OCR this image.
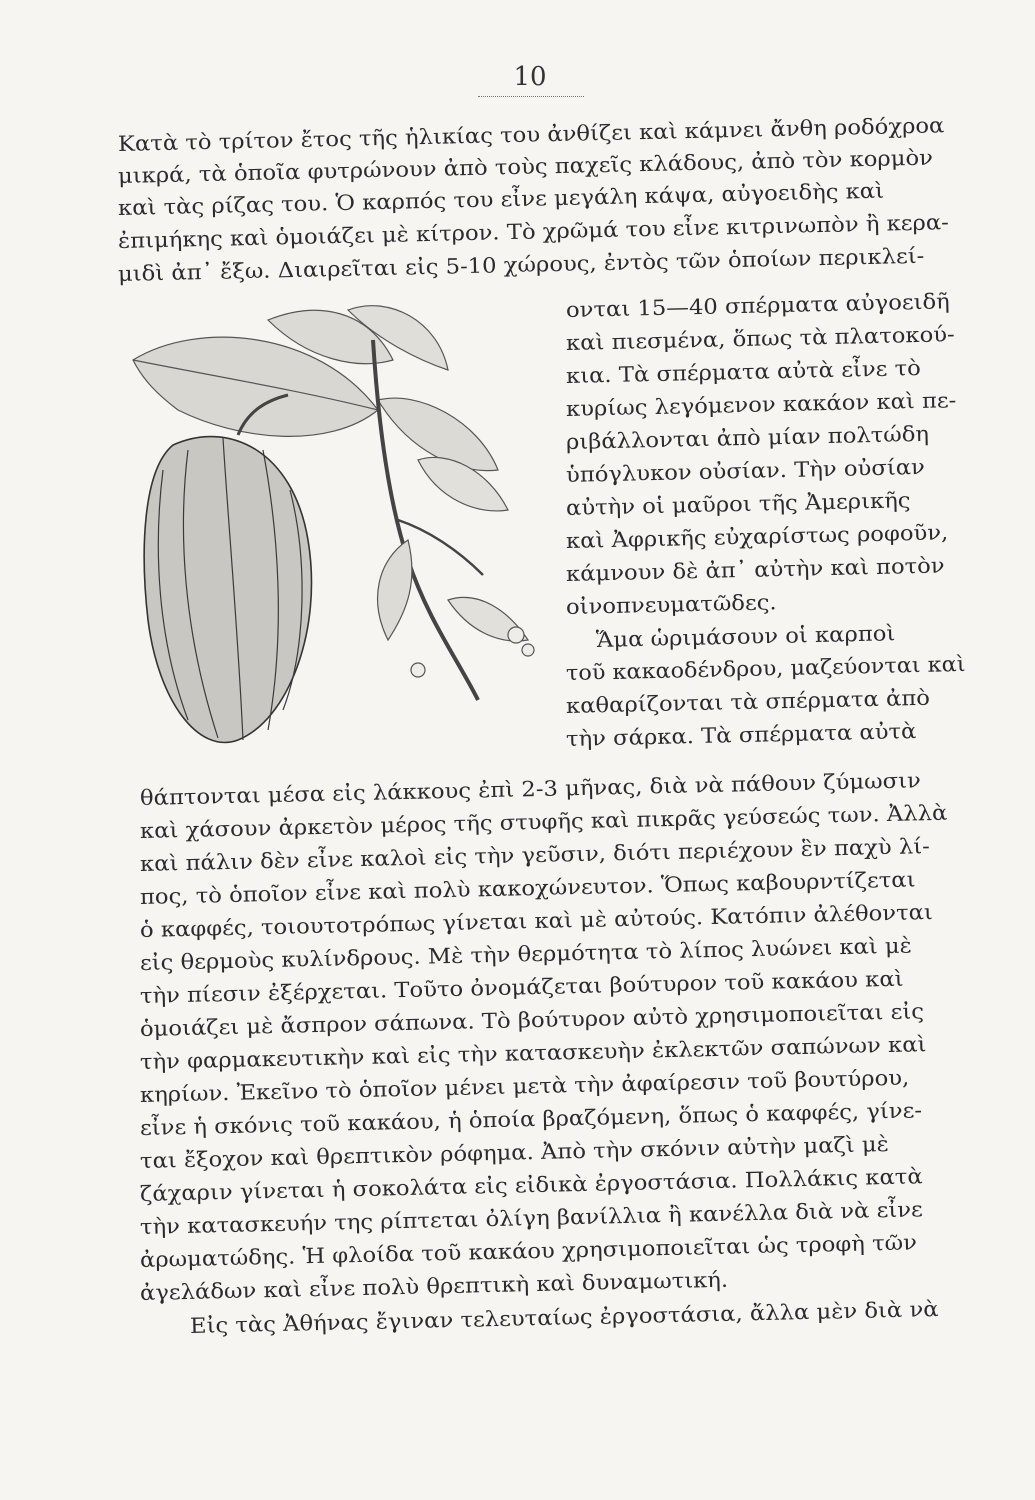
10
Κατὰ τὸ τρίτον ἔτος τῆς ἡλικίας του ἀνθίζει καὶ κάμνει ἄνθη ροδόχροα
μικρά, τὰ ὁποῖα φυτρώνουν ἀπὸ τοὺς παχεῖς κλάδους, ἀπὸ τὸν κορμὸν
καὶ τὰς ρίζας του. Ὁ καρπός του εἶνε μεγάλη κάψα, αὐγοειδὴς καὶ
ἐπιμήκης καὶ ὁμοιάζει μὲ κίτρον. Τὸ χρῶμά του εἶνε κιτρινωπὸν ἢ κερα-
μιδὶ ἀπ᾽ ἔξω. Διαιρεῖται εἰς 5-10 χώρους, ἐντὸς τῶν ὁποίων περικλεί-
ονται 15—40 σπέρματα αὐγοειδῆ
καὶ πιεσμένα, ὅπως τὰ πλατοκού-
κια. Τὰ σπέρματα αὐτὰ εἶνε τὸ
κυρίως λεγόμενον κακάον καὶ πε-
ριβάλλονται ἀπὸ μίαν πολτώδη
ὑπόγλυκον οὐσίαν. Τὴν οὐσίαν
αὐτὴν οἱ μαῦροι τῆς Ἀμερικῆς
καὶ Ἀφρικῆς εὐχαρίστως ροφοῦν,
κάμνουν δὲ ἀπ᾽ αὐτὴν καὶ ποτὸν
οἰνοπνευματῶδες.
Ἅμα ὡριμάσουν οἱ καρποὶ
τοῦ κακαοδένδρου, μαζεύονται καὶ
καθαρίζονται τὰ σπέρματα ἀπὸ
τὴν σάρκα. Τὰ σπέρματα αὐτὰ
θάπτονται μέσα εἰς λάκκους ἐπὶ 2-3 μῆνας, διὰ νὰ πάθουν ζύμωσιν
καὶ χάσουν ἀρκετὸν μέρος τῆς στυφῆς καὶ πικρᾶς γεύσεώς των. Ἀλλὰ
καὶ πάλιν δὲν εἶνε καλοὶ εἰς τὴν γεῦσιν, διότι περιέχουν ἓν παχὺ λί-
πος, τὸ ὁποῖον εἶνε καὶ πολὺ κακοχώνευτον. Ὅπως καβουρντίζεται
ὁ καφφές, τοιουτοτρόπως γίνεται καὶ μὲ αὐτούς. Κατόπιν ἀλέθονται
εἰς θερμοὺς κυλίνδρους. Μὲ τὴν θερμότητα τὸ λίπος λυώνει καὶ μὲ
τὴν πίεσιν ἐξέρχεται. Τοῦτο ὀνομάζεται βούτυρον τοῦ κακάου καὶ
ὁμοιάζει μὲ ἄσπρον σάπωνα. Τὸ βούτυρον αὐτὸ χρησιμοποιεῖται εἰς
τὴν φαρμακευτικὴν καὶ εἰς τὴν κατασκευὴν ἐκλεκτῶν σαπώνων καὶ
κηρίων. Ἐκεῖνο τὸ ὁποῖον μένει μετὰ τὴν ἀφαίρεσιν τοῦ βουτύρου,
εἶνε ἡ σκόνις τοῦ κακάου, ἡ ὁποία βραζόμενη, ὅπως ὁ καφφές, γίνε-
ται ἔξοχον καὶ θρεπτικὸν ρόφημα. Ἀπὸ τὴν σκόνιν αὐτὴν μαζὶ μὲ
ζάχαριν γίνεται ἡ σοκολάτα εἰς εἰδικὰ ἐργοστάσια. Πολλάκις κατὰ
τὴν κατασκευήν της ρίπτεται ὀλίγη βανίλλια ἢ κανέλλα διὰ νὰ εἶνε
ἀρωματώδης. Ἡ φλοίδα τοῦ κακάου χρησιμοποιεῖται ὡς τροφὴ τῶν
ἀγελάδων καὶ εἶνε πολὺ θρεπτικὴ καὶ δυναμωτική.
Εἰς τὰς Ἀθήνας ἔγιναν τελευταίως ἐργοστάσια, ἄλλα μὲν διὰ νὰ
